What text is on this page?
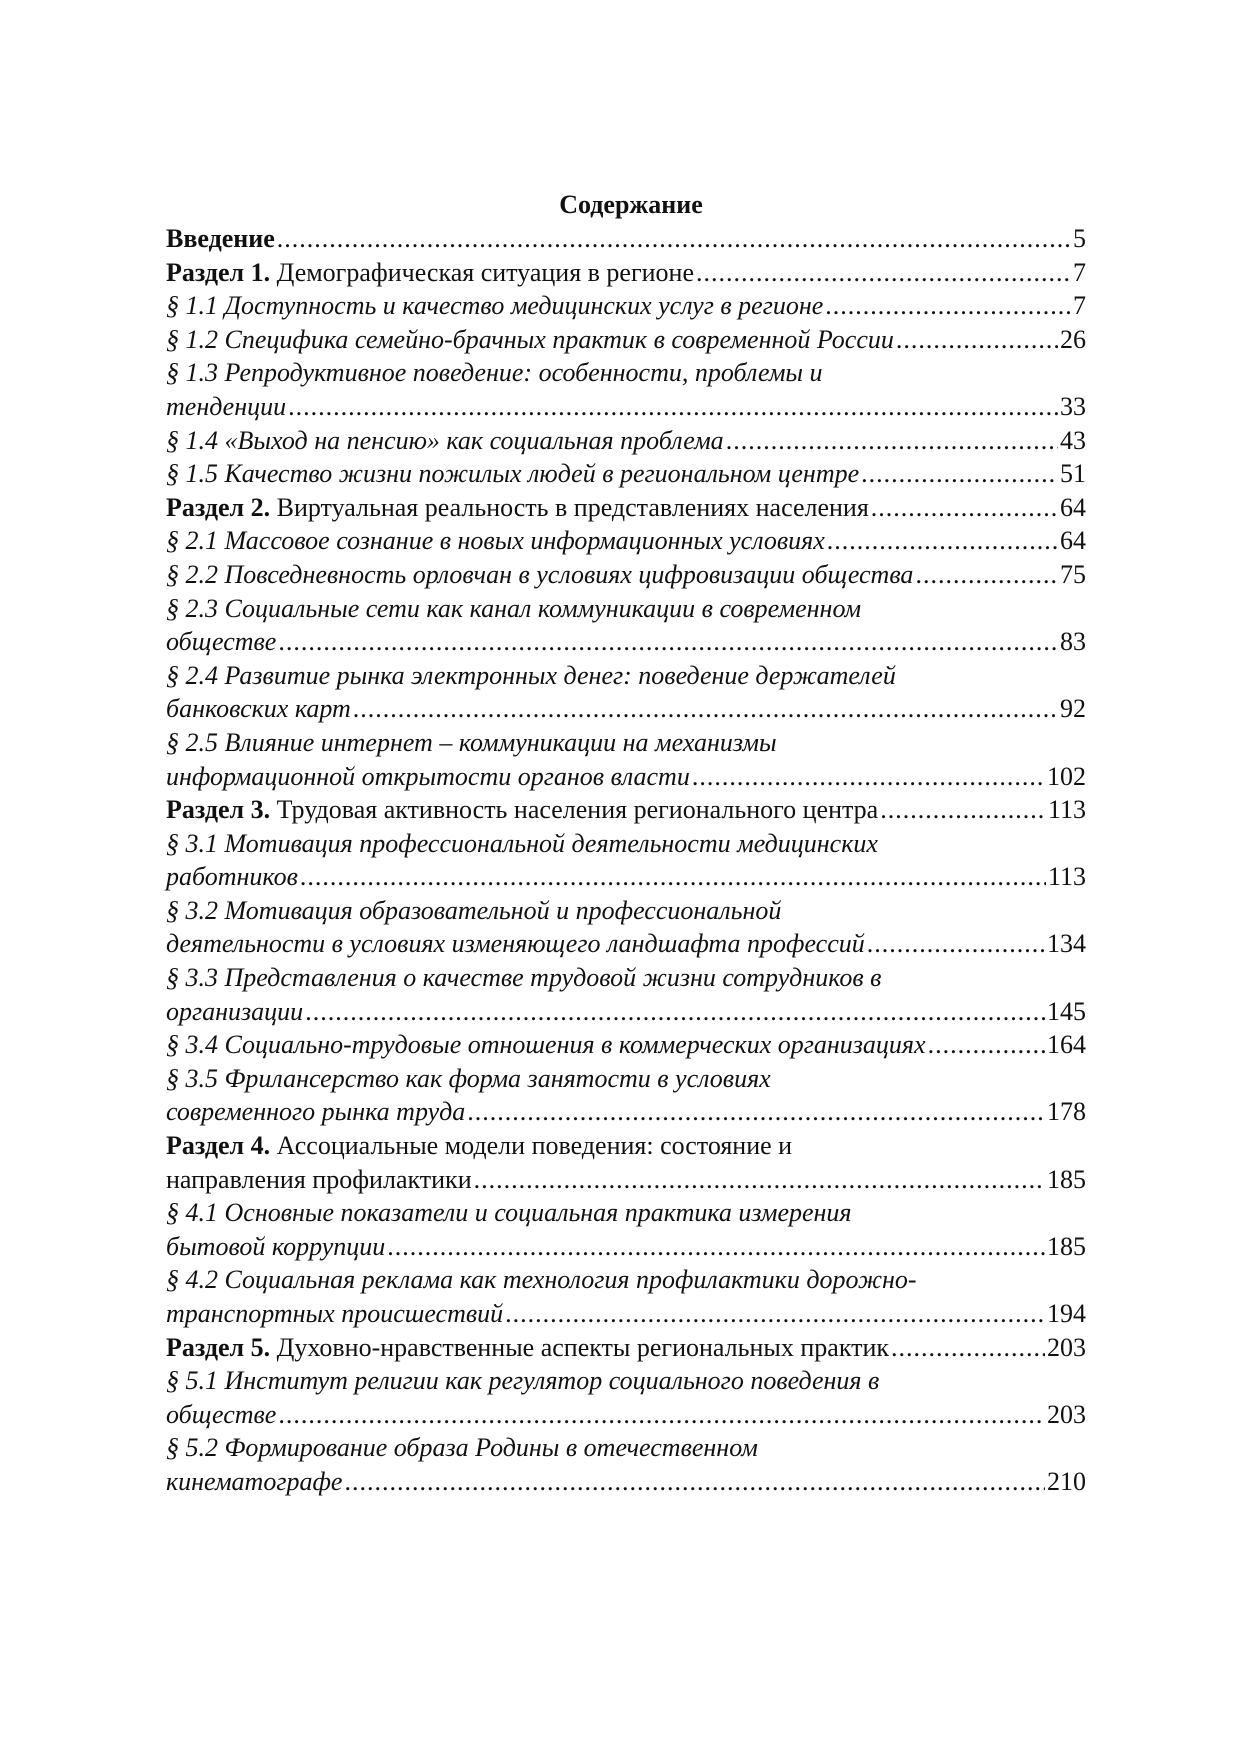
Содержание
Введение .....	5
Раздел 1. Демографическая ситуация в регионе .....	7
§ 1.1 Доступность и качество медицинских услуг в регионе .....	7
§ 1.2 Специфика семейно-брачных практик в современной России .....	26
§ 1.3 Репродуктивное поведение: особенности, проблемы и
тенденции .....	33
§ 1.4 «Выход на пенсию» как социальная проблема .....	43
§ 1.5 Качество жизни пожилых людей в региональном центре .....	51
Раздел 2. Виртуальная реальность в представлениях населения .....	64
§ 2.1 Массовое сознание в новых информационных условиях .....	64
§ 2.2 Повседневность орловчан в условиях цифровизации общества .....	75
§ 2.3 Социальные сети как канал коммуникации в современном
обществе .....	83
§ 2.4 Развитие рынка электронных денег: поведение держателей
банковских карт .....	92
§ 2.5 Влияние интернет – коммуникации на механизмы
информационной открытости органов власти .....	102
Раздел 3. Трудовая активность населения регионального центра .....	113
§ 3.1 Мотивация профессиональной деятельности медицинских
работников .....	113
§ 3.2 Мотивация образовательной и профессиональной
деятельности в условиях изменяющего ландшафта профессий .....	134
§ 3.3 Представления о качестве трудовой жизни сотрудников в
организации .....	145
§ 3.4 Социально-трудовые отношения в коммерческих организациях .....	164
§ 3.5 Фрилансерство как форма занятости в условиях
современного рынка труда .....	178
Раздел 4. Ассоциальные модели поведения: состояние и
направления профилактики .....	185
§ 4.1 Основные показатели и социальная практика измерения
бытовой коррупции .....	185
§ 4.2 Социальная реклама как технология профилактики дорожно-
транспортных происшествий .....	194
Раздел 5. Духовно-нравственные аспекты региональных практик .....	203
§ 5.1 Институт религии как регулятор социального поведения в
обществе .....	203
§ 5.2 Формирование образа Родины в отечественном
кинематографе .....	210
